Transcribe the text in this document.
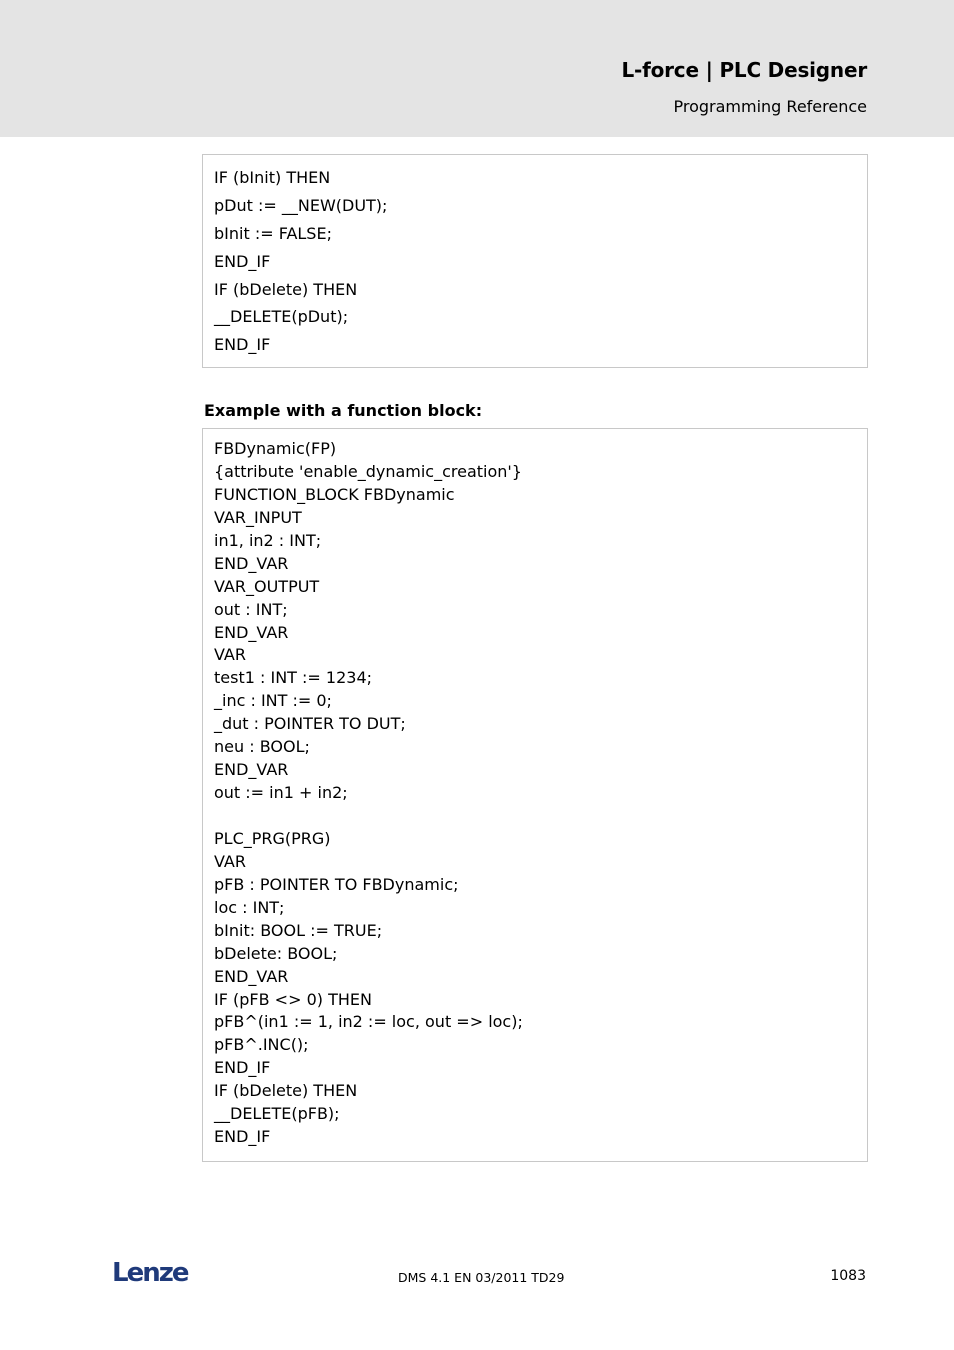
L-force | PLC Designer
Programming Reference
IF (bInit) THEN
pDut := __NEW(DUT);
bInit := FALSE;
END_IF
IF (bDelete) THEN
__DELETE(pDut);
END_IF
Example with a function block:
FBDynamic(FP)
{attribute 'enable_dynamic_creation'}
FUNCTION_BLOCK FBDynamic
VAR_INPUT
in1, in2 : INT;
END_VAR
VAR_OUTPUT
out : INT;
END_VAR
VAR
test1 : INT := 1234;
_inc : INT := 0;
_dut : POINTER TO DUT;
neu : BOOL;
END_VAR
out := in1 + in2;
PLC_PRG(PRG)
VAR
pFB : POINTER TO FBDynamic;
loc : INT;
bInit: BOOL := TRUE;
bDelete: BOOL;
END_VAR
IF (pFB <> 0) THEN
pFB^(in1 := 1, in2 := loc, out => loc);
pFB^.INC();
END_IF
IF (bDelete) THEN
__DELETE(pFB);
END_IF
Lenze	DMS 4.1 EN 03/2011 TD29	1083
